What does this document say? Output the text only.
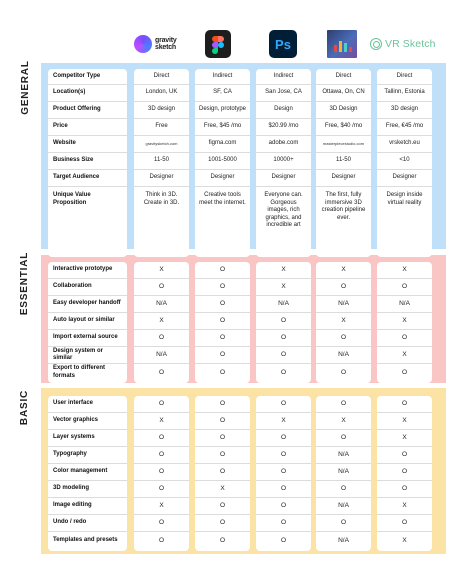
gravity sketch	Ps	VR Sketch
GENERAL
ESSENTIAL
BASIC
Competitor Type
Location(s)
Product Offering
Price
Website
Business Size
Target Audience
Unique Value Proposition
Direct
London, UK
3D design
Free
gravitysketch.com
11-50
Designer
Think in 3D. Create in 3D.
Indirect
SF, CA
Design, prototype
Free, $45 /mo
figma.com
1001-5000
Designer
Creative tools meet the internet.
Indirect
San Jose, CA
Design
$20.99 /mo
adobe.com
10000+
Designer
Everyone can. Gorgeous images, rich graphics, and incredible art
Direct
Ottawa, On, CN
3D Design
Free, $40 /mo
masterpiecestudio.com
11-50
Designer
The first, fully immersive 3D creation pipeline ever.
Direct
Tallinn, Estonia
3D design
Free, €45 /mo
vrsketch.eu
<10
Designer
Design inside virtual reality
Interactive prototype
Collaboration
Easy developer handoff
Auto layout or similar
Import external source
Design system or similar
Export to different formats
X
O
N/A
X
O
N/A
O
O
O
O
O
O
O
O
X
X
N/A
O
O
O
O
X
O
N/A
X
O
N/A
O
X
O
N/A
X
O
X
O
User interface
Vector graphics
Layer systems
Typography
Color management
3D modeling
Image editing
Undo / redo
Templates and presets
O
X
O
O
O
O
X
O
O
O
O
O
O
O
X
O
O
O
O
X
O
O
O
O
O
O
O
O
X
O
N/A
N/A
O
N/A
O
N/A
O
X
X
O
O
O
X
O
X
